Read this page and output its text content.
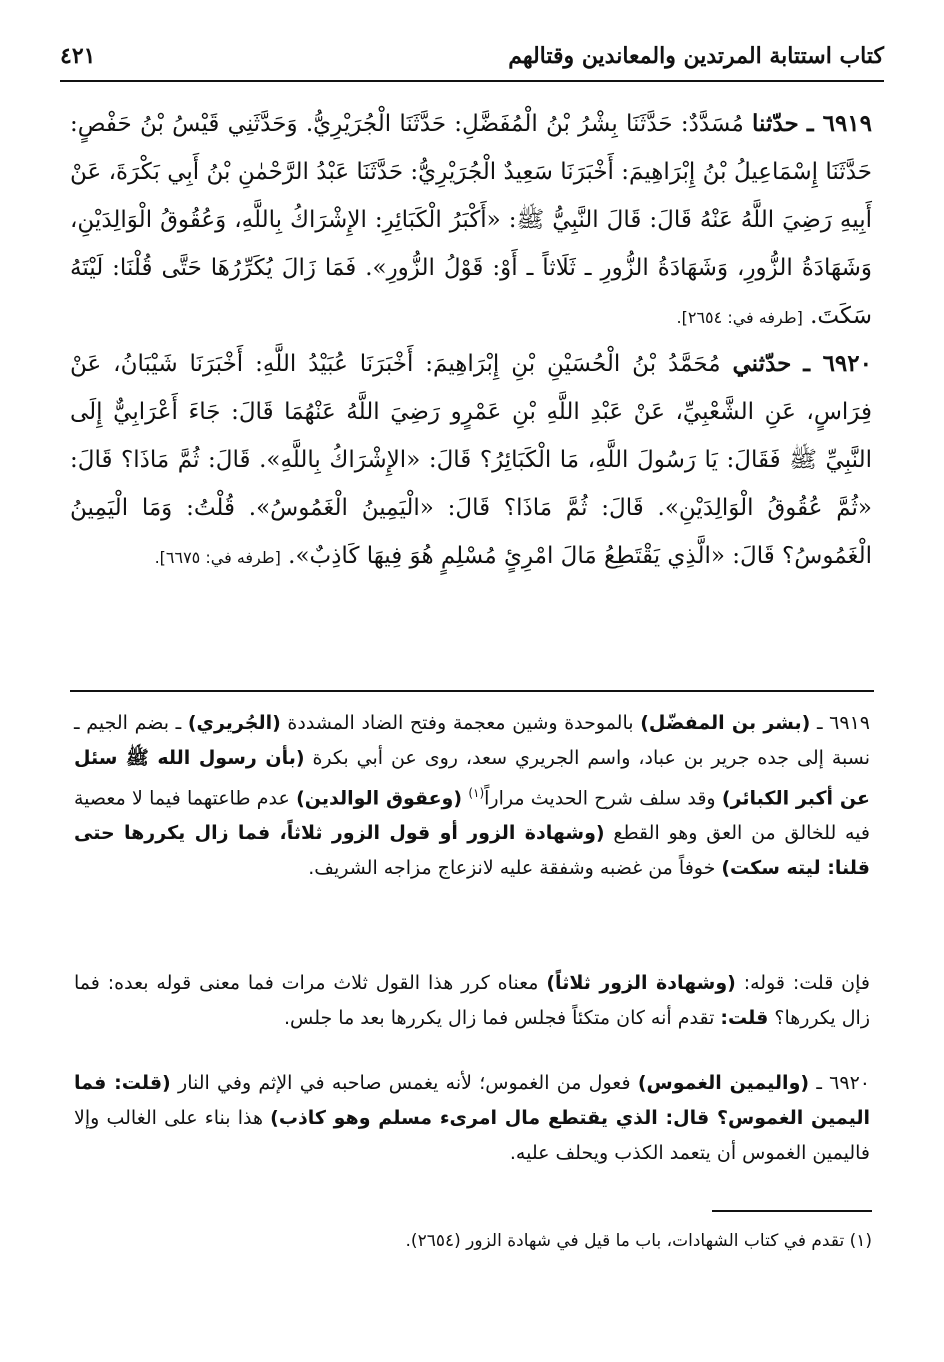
كتاب استتابة المرتدين والمعاندين وقتالهم
٤٢١
٦٩١٩ ـ حدّثنا مُسَدَّدٌ: حَدَّثَنَا بِشْرُ بْنُ الْمُفَضَّلِ: حَدَّثَنَا الْجُرَيْرِيُّ. وَحَدَّثَنِي قَيْسُ بْنُ حَفْصٍ: حَدَّثَنَا إِسْمَاعِيلُ بْنُ إِبْرَاهِيمَ: أَخْبَرَنَا سَعِيدٌ الْجُرَيْرِيُّ: حَدَّثَنَا عَبْدُ الرَّحْمٰنِ بْنُ أَبِي بَكْرَةَ، عَنْ أَبِيهِ رَضِيَ اللَّهُ عَنْهُ قَالَ: قَالَ النَّبِيُّ ﷺ: «أَكْبَرُ الْكَبَائِرِ: الإِشْرَاكُ بِاللَّهِ، وَعُقُوقُ الْوَالِدَيْنِ، وَشَهَادَةُ الزُّورِ، وَشَهَادَةُ الزُّورِ ـ ثَلَاثاً ـ أَوْ: قَوْلُ الزُّورِ». فَمَا زَالَ يُكَرِّرُهَا حَتَّى قُلْنَا: لَيْتَهُ سَكَتَ. [طرفه في: ٢٦٥٤].
٦٩٢٠ ـ حدّثني مُحَمَّدُ بْنُ الْحُسَيْنِ بْنِ إِبْرَاهِيمَ: أَخْبَرَنَا عُبَيْدُ اللَّهِ: أَخْبَرَنَا شَيْبَانُ، عَنْ فِرَاسٍ، عَنِ الشَّعْبِيِّ، عَنْ عَبْدِ اللَّهِ بْنِ عَمْرٍو رَضِيَ اللَّهُ عَنْهُمَا قَالَ: جَاءَ أَعْرَابِيٌّ إِلَى النَّبِيِّ ﷺ فَقَالَ: يَا رَسُولَ اللَّهِ، مَا الْكَبَائِرُ؟ قَالَ: «الإِشْرَاكُ بِاللَّهِ». قَالَ: ثُمَّ مَاذَا؟ قَالَ: «ثُمَّ عُقُوقُ الْوَالِدَيْنِ». قَالَ: ثُمَّ مَاذَا؟ قَالَ: «الْيَمِينُ الْغَمُوسُ». قُلْتُ: وَمَا الْيَمِينُ الْغَمُوسُ؟ قَالَ: «الَّذِي يَقْتَطِعُ مَالَ امْرِئٍ مُسْلِمٍ هُوَ فِيهَا كَاذِبٌ». [طرفه في: ٦٦٧٥].
٦٩١٩ ـ (بشر بن المفضّل) بالموحدة وشين معجمة وفتح الضاد المشددة (الجُريري) ـ بضم الجيم ـ نسبة إلى جده جرير بن عباد، واسم الجريري سعد، روى عن أبي بكرة (بأن رسول الله ﷺ سئل عن أكبر الكبائر) وقد سلف شرح الحديث مراراً$^{(١)}$ (وعقوق الوالدين) عدم طاعتهما فيما لا معصية فيه للخالق من العق وهو القطع (وشهادة الزور أو قول الزور ثلاثاً، فما زال يكررها حتى قلنا: ليته سكت) خوفاً من غضبه وشفقة عليه لانزعاج مزاجه الشريف.
فإن قلت: قوله: (وشهادة الزور ثلاثاً) معناه كرر هذا القول ثلاث مرات فما معنى قوله بعده: فما زال يكررها؟ قلت: تقدم أنه كان متكئاً فجلس فما زال يكررها بعد ما جلس.
٦٩٢٠ ـ (واليمين الغموس) فعول من الغموس؛ لأنه يغمس صاحبه في الإثم وفي النار (قلت: فما اليمين الغموس؟ قال: الذي يقتطع مال امرىء مسلم وهو كاذب) هذا بناء على الغالب وإلا فاليمين الغموس أن يتعمد الكذب ويحلف عليه.
(١) تقدم في كتاب الشهادات، باب ما قيل في شهادة الزور (٢٦٥٤).
